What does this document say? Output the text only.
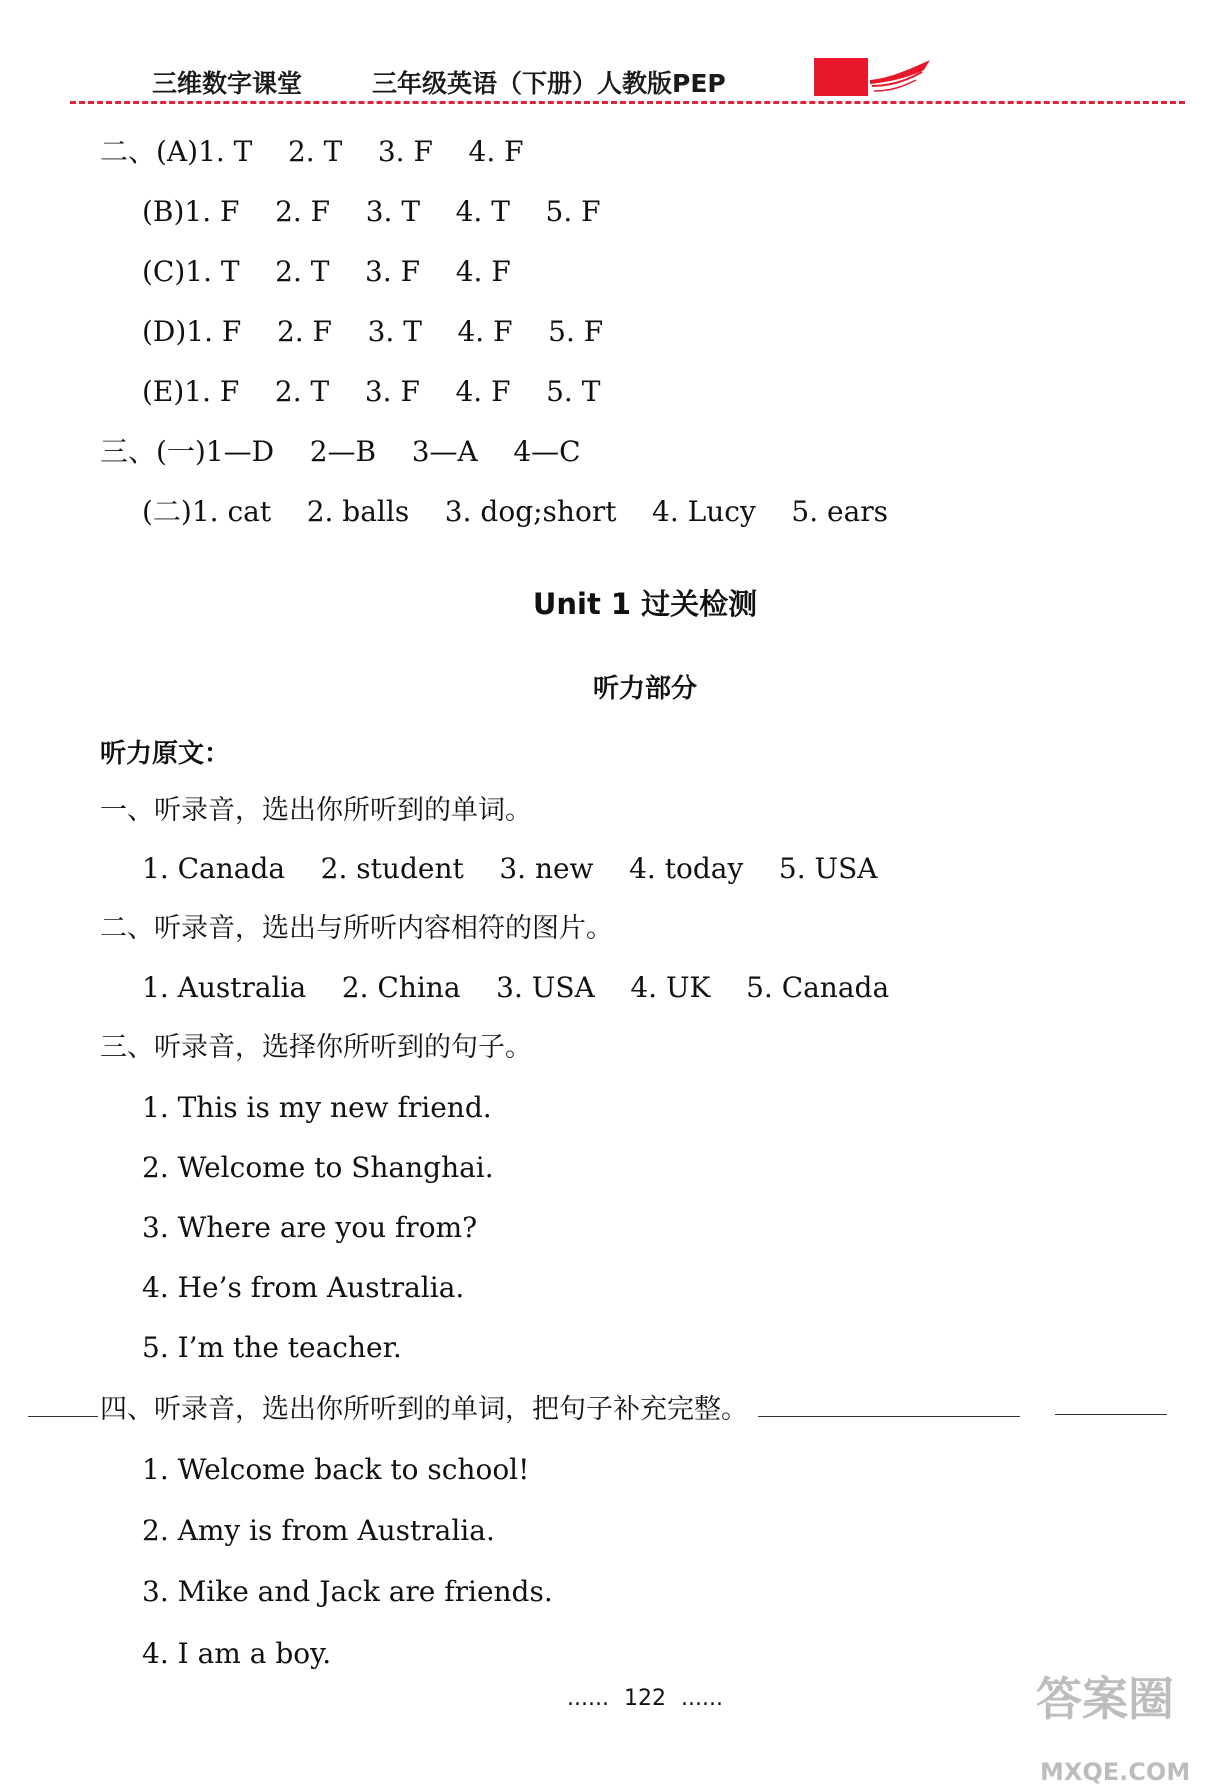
三维数字课堂	三年级英语（下册）人教版PEP
二、(A)1. T    2. T    3. F    4. F
(B)1. F    2. F    3. T    4. T    5. F
(C)1. T    2. T    3. F    4. F
(D)1. F    2. F    3. T    4. F    5. F
(E)1. F    2. T    3. F    4. F    5. T
三、(一)1—D    2—B    3—A    4—C
(二)1. cat    2. balls    3. dog;short    4. Lucy    5. ears
Unit 1 过关检测
听力部分
听力原文：
一、听录音，选出你所听到的单词。
1. Canada    2. student    3. new    4. today    5. USA
二、听录音，选出与所听内容相符的图片。
1. Australia    2. China    3. USA    4. UK    5. Canada
三、听录音，选择你所听到的句子。
1. This is my new friend.
2. Welcome to Shanghai.
3. Where are you from?
4. He’s from Australia.
5. I’m the teacher.
四、听录音，选出你所听到的单词，把句子补充完整。
1. Welcome back to school!
2. Amy is from Australia.
3. Mike and Jack are friends.
4. I am a boy.
...... 122 ......	答案圈
MXQE.COM
